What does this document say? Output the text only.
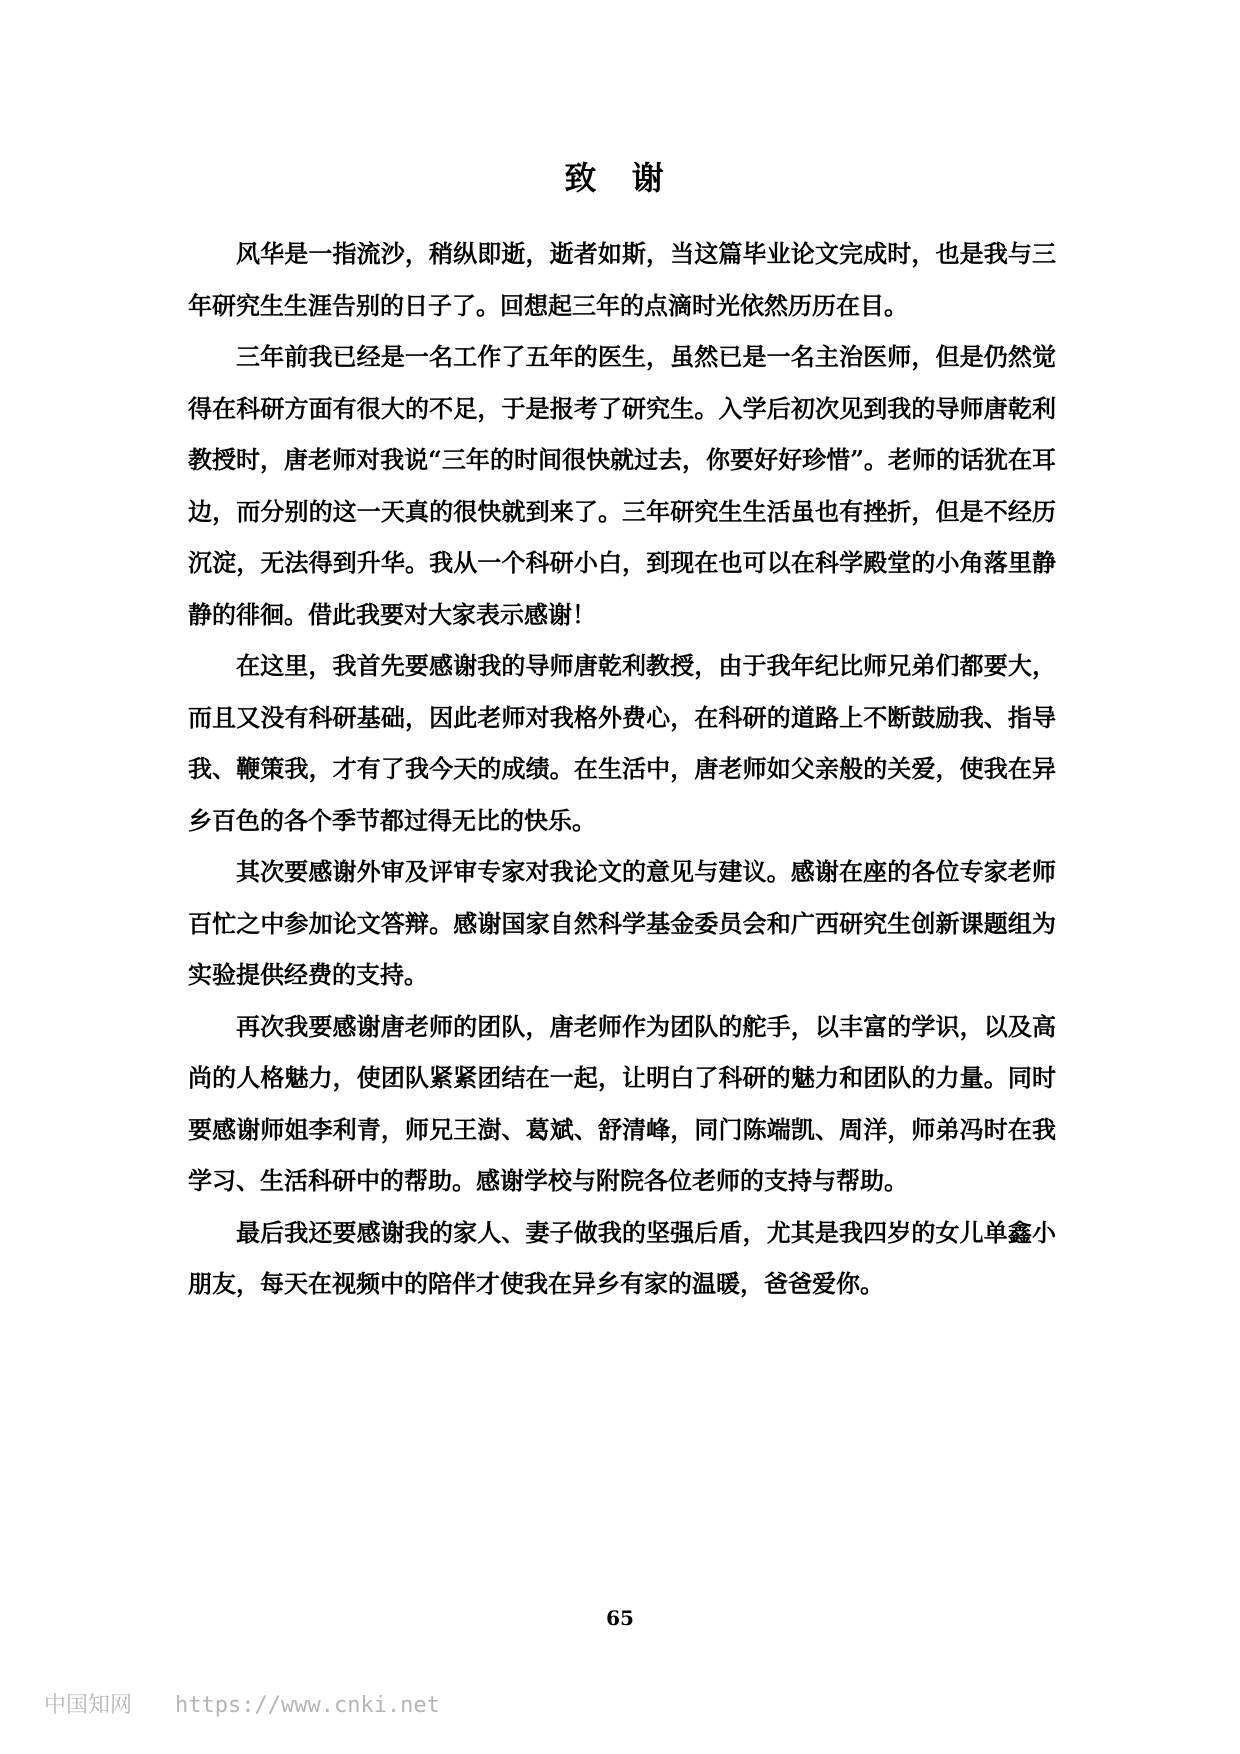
致 谢

风华是一指流沙，稍纵即逝，逝者如斯，当这篇毕业论文完成时，也是我与三年研究生生涯告别的日子了。回想起三年的点滴时光依然历历在目。

三年前我已经是一名工作了五年的医生，虽然已是一名主治医师，但是仍然觉得在科研方面有很大的不足，于是报考了研究生。入学后初次见到我的导师唐乾利教授时，唐老师对我说“三年的时间很快就过去，你要好好珍惜”。老师的话犹在耳边，而分别的这一天真的很快就到来了。三年研究生生活虽也有挫折，但是不经历沉淀，无法得到升华。我从一个科研小白，到现在也可以在科学殿堂的小角落里静静的徘徊。借此我要对大家表示感谢！

在这里，我首先要感谢我的导师唐乾利教授，由于我年纪比师兄弟们都要大，而且又没有科研基础，因此老师对我格外费心，在科研的道路上不断鼓励我、指导我、鞭策我，才有了我今天的成绩。在生活中，唐老师如父亲般的关爱，使我在异乡百色的各个季节都过得无比的快乐。

其次要感谢外审及评审专家对我论文的意见与建议。感谢在座的各位专家老师百忙之中参加论文答辩。感谢国家自然科学基金委员会和广西研究生创新课题组为实验提供经费的支持。

再次我要感谢唐老师的团队，唐老师作为团队的舵手，以丰富的学识，以及高尚的人格魅力，使团队紧紧团结在一起，让明白了科研的魅力和团队的力量。同时要感谢师姐李利青，师兄王澍、葛斌、舒清峰，同门陈端凯、周洋，师弟冯时在我学习、生活科研中的帮助。感谢学校与附院各位老师的支持与帮助。

最后我还要感谢我的家人、妻子做我的坚强后盾，尤其是我四岁的女儿单鑫小朋友，每天在视频中的陪伴才使我在异乡有家的温暖，爸爸爱你。

65
中国知网 https://www.cnki.net
